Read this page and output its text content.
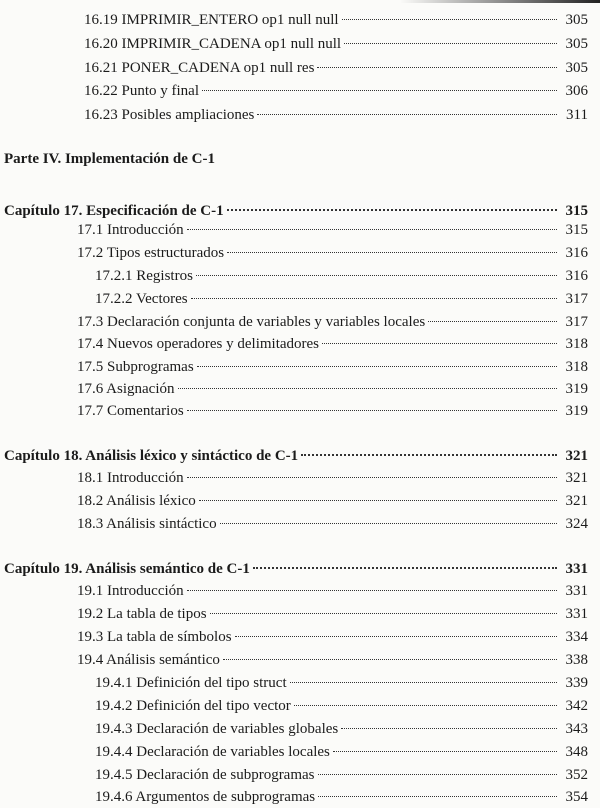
16.19 IMPRIMIR_ENTERO op1 null null	305
16.20 IMPRIMIR_CADENA op1 null null	305
16.21 PONER_CADENA op1 null res	305
16.22 Punto y final	306
16.23 Posibles ampliaciones	311
Parte IV. Implementación de C-1
Capítulo 17. Especificación de C-1	315
17.1 Introducción	315
17.2 Tipos estructurados	316
17.2.1 Registros	316
17.2.2 Vectores	317
17.3 Declaración conjunta de variables y variables locales	317
17.4 Nuevos operadores y delimitadores	318
17.5 Subprogramas	318
17.6 Asignación	319
17.7 Comentarios	319
Capítulo 18. Análisis léxico y sintáctico de C-1	321
18.1 Introducción	321
18.2 Análisis léxico	321
18.3 Análisis sintáctico	324
Capítulo 19. Análisis semántico de C-1	331
19.1 Introducción	331
19.2 La tabla de tipos	331
19.3 La tabla de símbolos	334
19.4 Análisis semántico	338
19.4.1 Definición del tipo struct	339
19.4.2 Definición del tipo vector	342
19.4.3 Declaración de variables globales	343
19.4.4 Declaración de variables locales	348
19.4.5 Declaración de subprogramas	352
19.4.6 Argumentos de subprogramas	354
